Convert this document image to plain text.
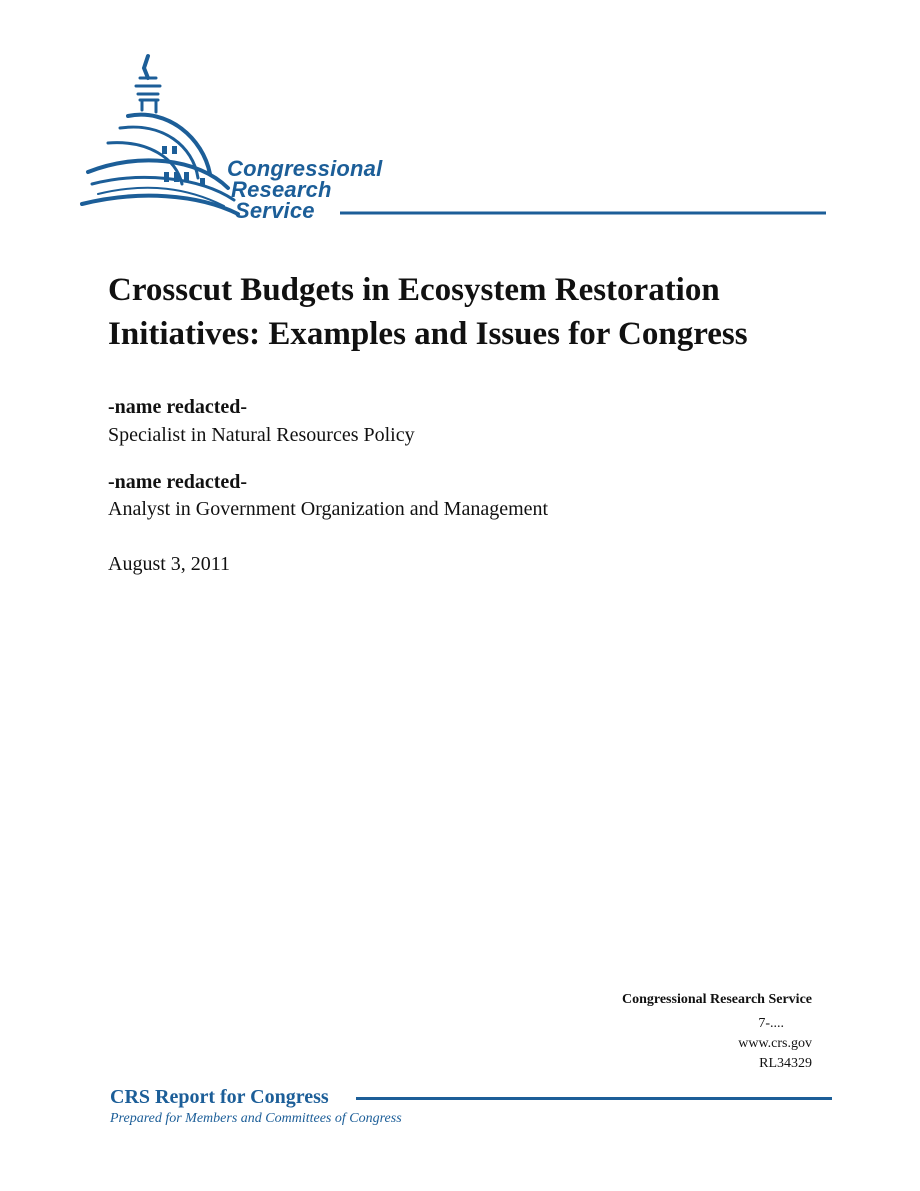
Congressional
Research
Service
Crosscut Budgets in Ecosystem Restoration Initiatives: Examples and Issues for Congress
-name redacted-
Specialist in Natural Resources Policy
-name redacted-
Analyst in Government Organization and Management
August 3, 2011
Congressional Research Service
7-....
www.crs.gov
RL34329
CRS Report for Congress
Prepared for Members and Committees of Congress
